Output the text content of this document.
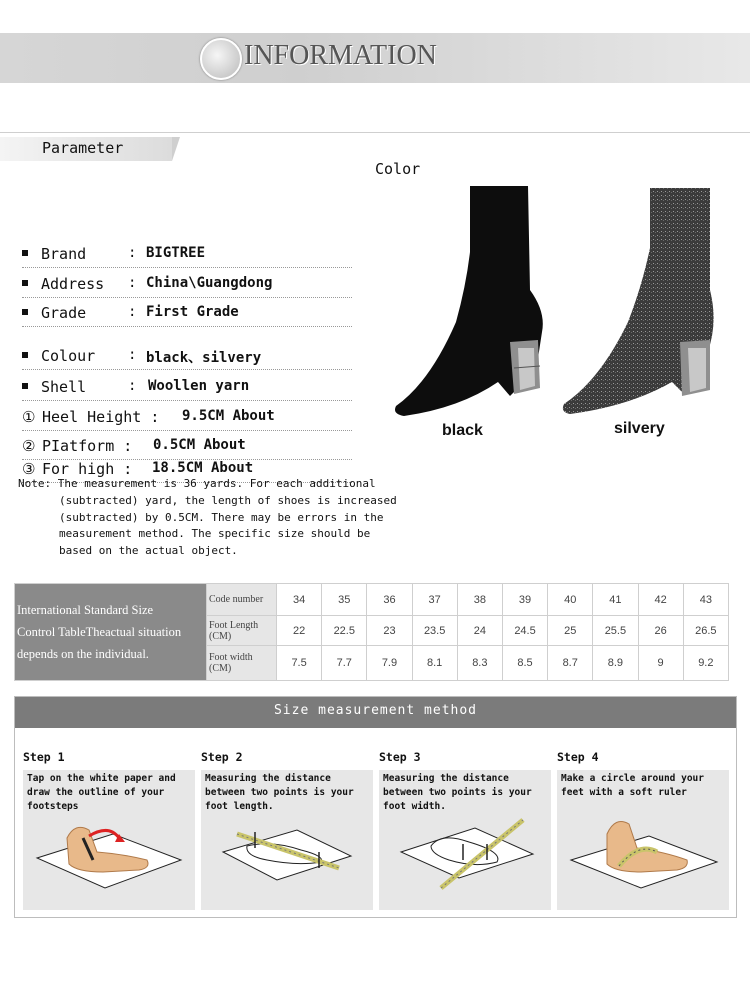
INFORMATION
Parameter
Color
Brand	: BIGTREE
Address : China\Guangdong
Grade	: First Grade
Colour : black、silvery
Shell	: Woollen yarn
① Heel Height : 9.5CM About
② PIatform : 0.5CM About
③ For high : 18.5CM About
Note: The measurement is 36 yards. For each additional
(subtracted) yard, the length of shoes is increased
(subtracted) by 0.5CM. There may be errors in the
measurement method. The specific size should be
based on the actual object.
black	silvery
International Standard Size
Control TableTheactual situation
depends on the individual.	Code number	34	35	36	37	38	39	40	41	42	43
	Foot Length (CM)	22	22.5	23	23.5	24	24.5	25	25.5	26	26.5
	Foot width (CM)	7.5	7.7	7.9	8.1	8.3	8.5	8.7	8.9	9	9.2
Size measurement method
Step 1
Tap on the white paper and draw the outline of your footsteps
Step 2
Measuring the distance between two points is your foot length.
Step 3
Measuring the distance between two points is your foot width.
Step 4
Make a circle around your feet with a soft ruler
